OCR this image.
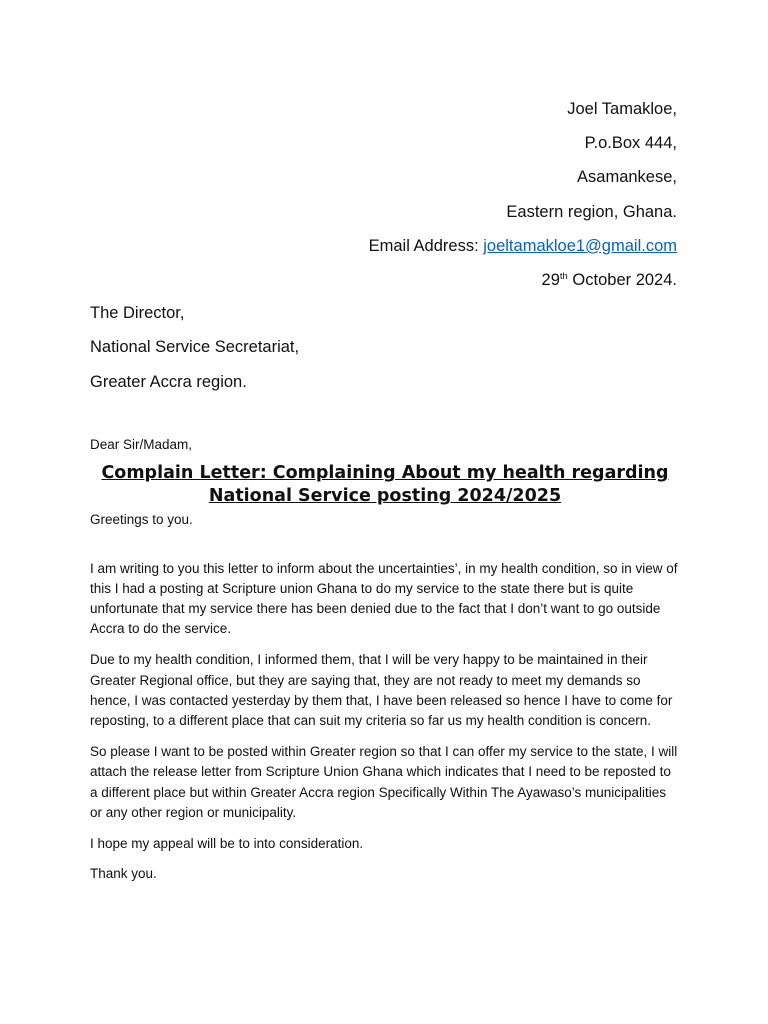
Joel Tamakloe,
P.o.Box 444,
Asamankese,
Eastern region, Ghana.
Email Address: joeltamakloe1@gmail.com
29th October 2024.
The Director,
National Service Secretariat,
Greater Accra region.

Dear Sir/Madam,

Complain Letter: Complaining About my health regarding
National Service posting 2024/2025

Greetings to you.

I am writing to you this letter to inform about the uncertainties’, in my health condition, so in view of this I had a posting at Scripture union Ghana to do my service to the state there but is quite unfortunate that my service there has been denied due to the fact that I don’t want to go outside Accra to do the service.

Due to my health condition, I informed them, that I will be very happy to be maintained in their Greater Regional office, but they are saying that, they are not ready to meet my demands so hence, I was contacted yesterday by them that, I have been released so hence I have to come for reposting, to a different place that can suit my criteria so far us my health condition is concern.

So please I want to be posted within Greater region so that I can offer my service to the state, I will attach the release letter from Scripture Union Ghana which indicates that I need to be reposted to a different place but within Greater Accra region Specifically Within The Ayawaso’s municipalities or any other region or municipality.

I hope my appeal will be to into consideration.

Thank you.
